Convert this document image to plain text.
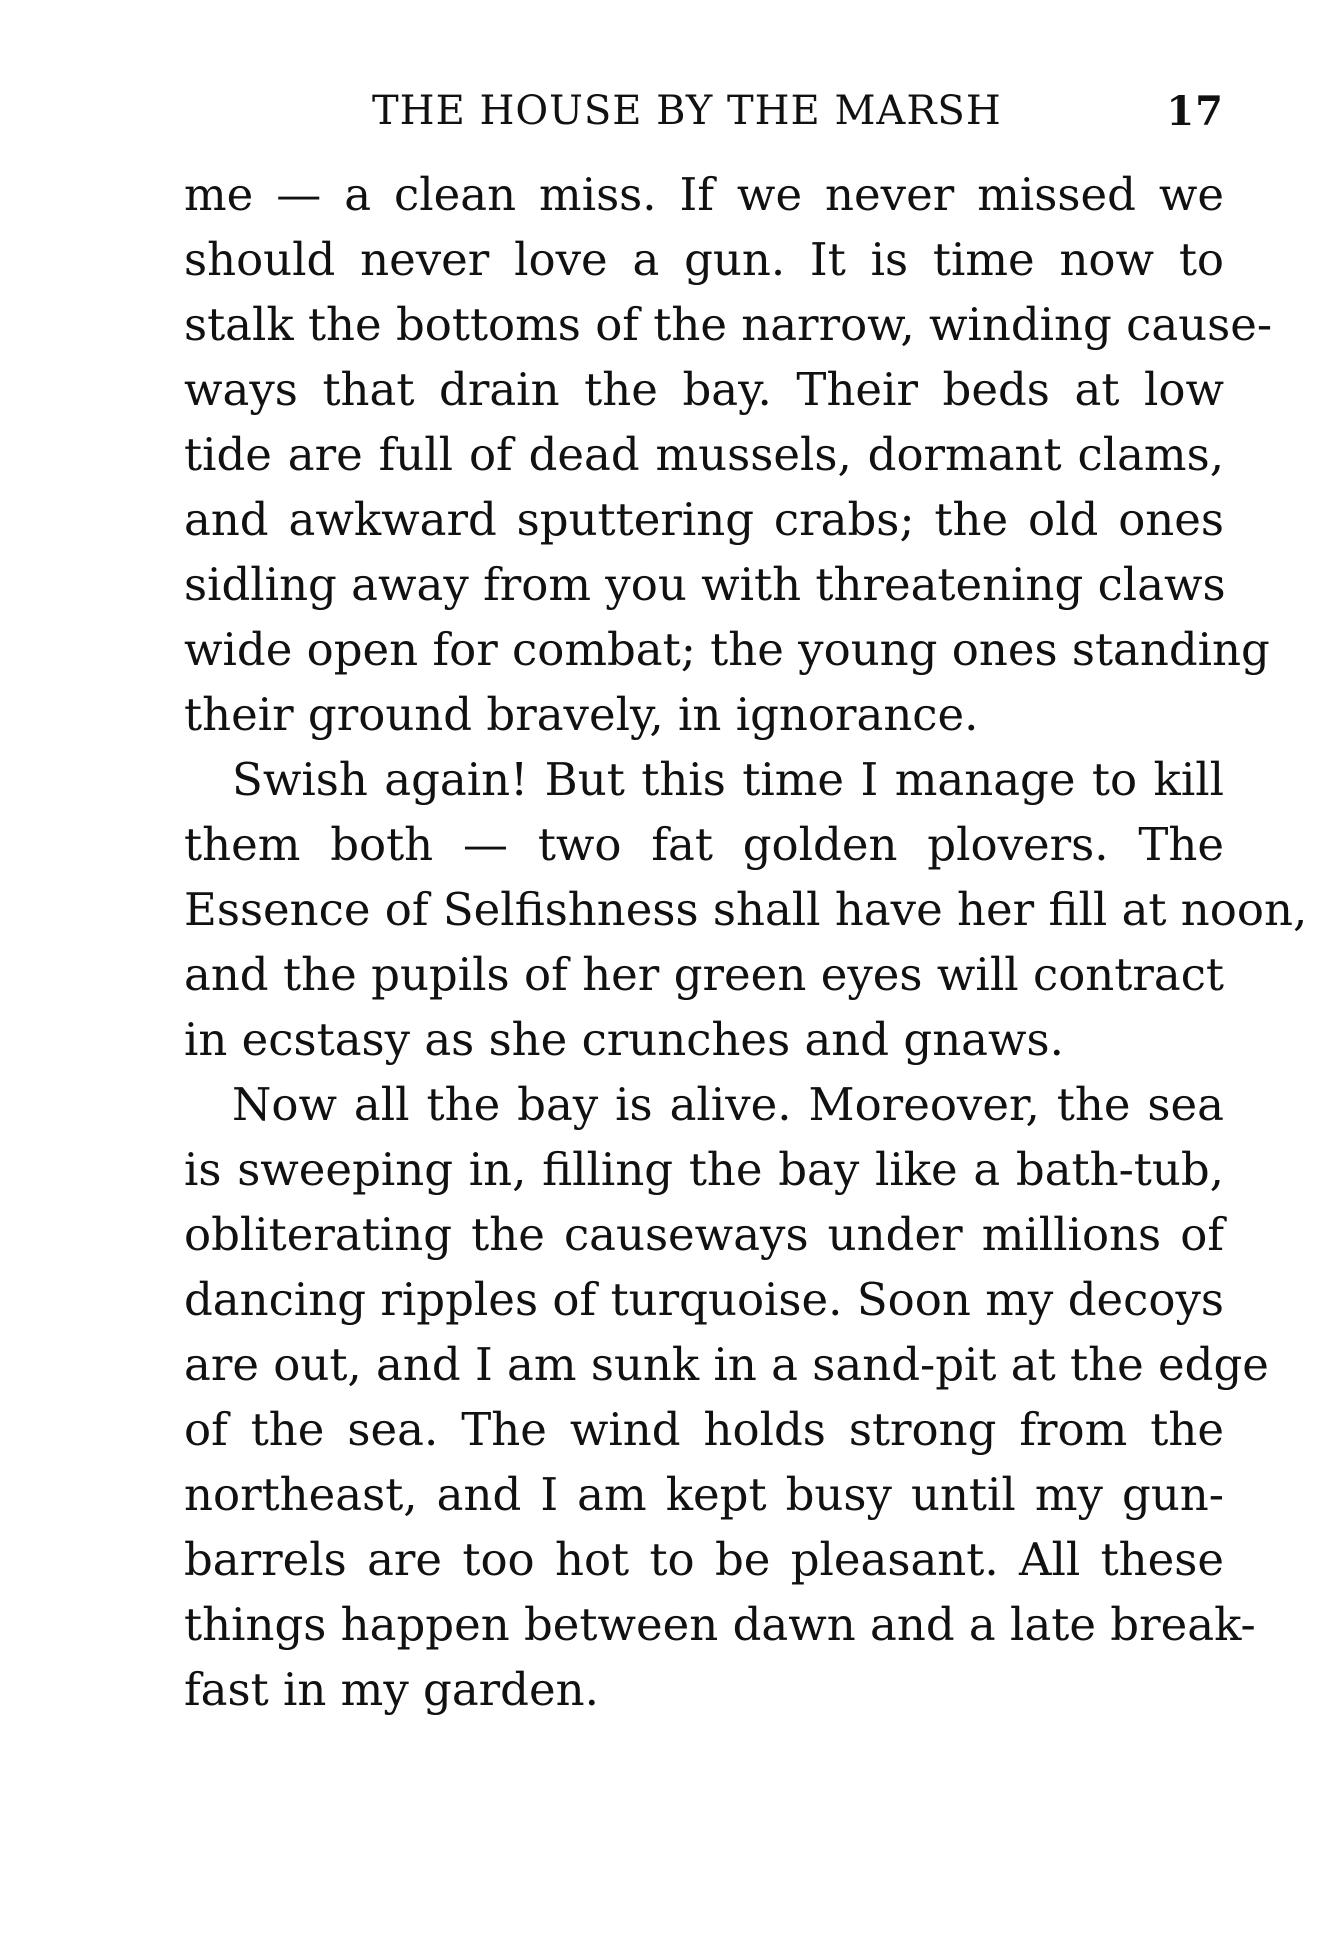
THE HOUSE BY THE MARSH	17
me — a clean miss. If we never missed we
should never love a gun. It is time now to
stalk the bottoms of the narrow, winding cause-
ways that drain the bay. Their beds at low
tide are full of dead mussels, dormant clams,
and awkward sputtering crabs; the old ones
sidling away from you with threatening claws
wide open for combat; the young ones standing
their ground bravely, in ignorance.
Swish again! But this time I manage to kill
them both — two fat golden plovers. The
Essence of Selfishness shall have her fill at noon,
and the pupils of her green eyes will contract
in ecstasy as she crunches and gnaws.
Now all the bay is alive. Moreover, the sea
is sweeping in, filling the bay like a bath-tub,
obliterating the causeways under millions of
dancing ripples of turquoise. Soon my decoys
are out, and I am sunk in a sand-pit at the edge
of the sea. The wind holds strong from the
northeast, and I am kept busy until my gun-
barrels are too hot to be pleasant. All these
things happen between dawn and a late break-
fast in my garden.
